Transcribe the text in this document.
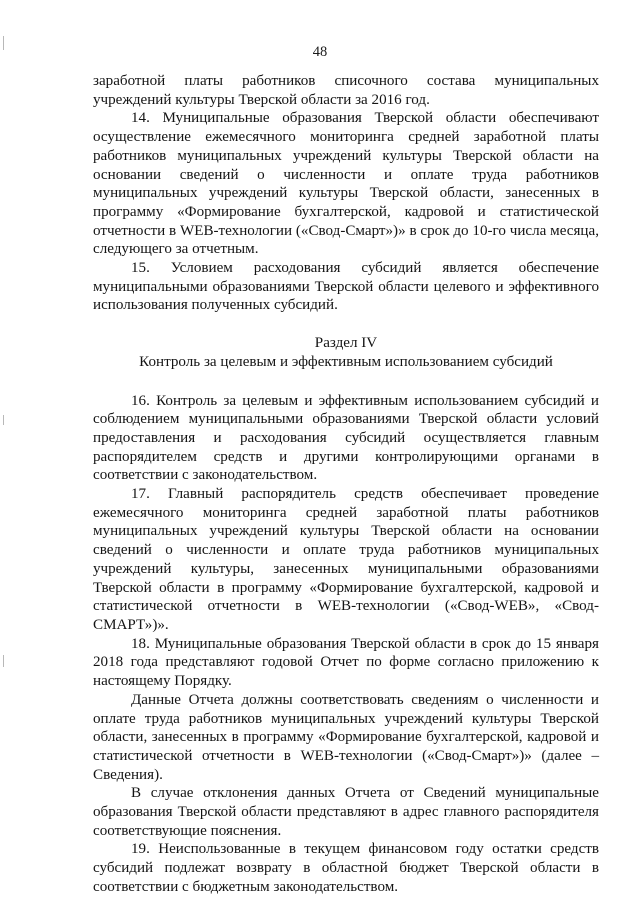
48

заработной платы работников списочного состава муниципальных учреждений культуры Тверской области за 2016 год.

14. Муниципальные образования Тверской области обеспечивают осуществление ежемесячного мониторинга средней заработной платы работников муниципальных учреждений культуры Тверской области на основании сведений о численности и оплате труда работников муниципальных учреждений культуры Тверской области, занесенных в программу «Формирование бухгалтерской, кадровой и статистической отчетности в WEB-технологии («Свод-Смарт»)» в срок до 10-го числа месяца, следующего за отчетным.

15. Условием расходования субсидий является обеспечение муниципальными образованиями Тверской области целевого и эффективного использования полученных субсидий.

Раздел IV

Контроль за целевым и эффективным использованием субсидий

16. Контроль за целевым и эффективным использованием субсидий и соблюдением муниципальными образованиями Тверской области условий предоставления и расходования субсидий осуществляется главным распорядителем средств и другими контролирующими органами в соответствии с законодательством.

17. Главный распорядитель средств обеспечивает проведение ежемесячного мониторинга средней заработной платы работников муниципальных учреждений культуры Тверской области на основании сведений о численности и оплате труда работников муниципальных учреждений культуры, занесенных муниципальными образованиями Тверской области в программу «Формирование бухгалтерской, кадровой и статистической отчетности в WEB-технологии («Свод-WEB», «Свод-СМАРТ»)».

18. Муниципальные образования Тверской области в срок до 15 января 2018 года представляют годовой Отчет по форме согласно приложению к настоящему Порядку.

Данные Отчета должны соответствовать сведениям о численности и оплате труда работников муниципальных учреждений культуры Тверской области, занесенных в программу «Формирование бухгалтерской, кадровой и статистической отчетности в WEB-технологии («Свод-Смарт»)» (далее – Сведения).

В случае отклонения данных Отчета от Сведений муниципальные образования Тверской области представляют в адрес главного распорядителя соответствующие пояснения.

19. Неиспользованные в текущем финансовом году остатки средств субсидий подлежат возврату в областной бюджет Тверской области в соответствии с бюджетным законодательством.
